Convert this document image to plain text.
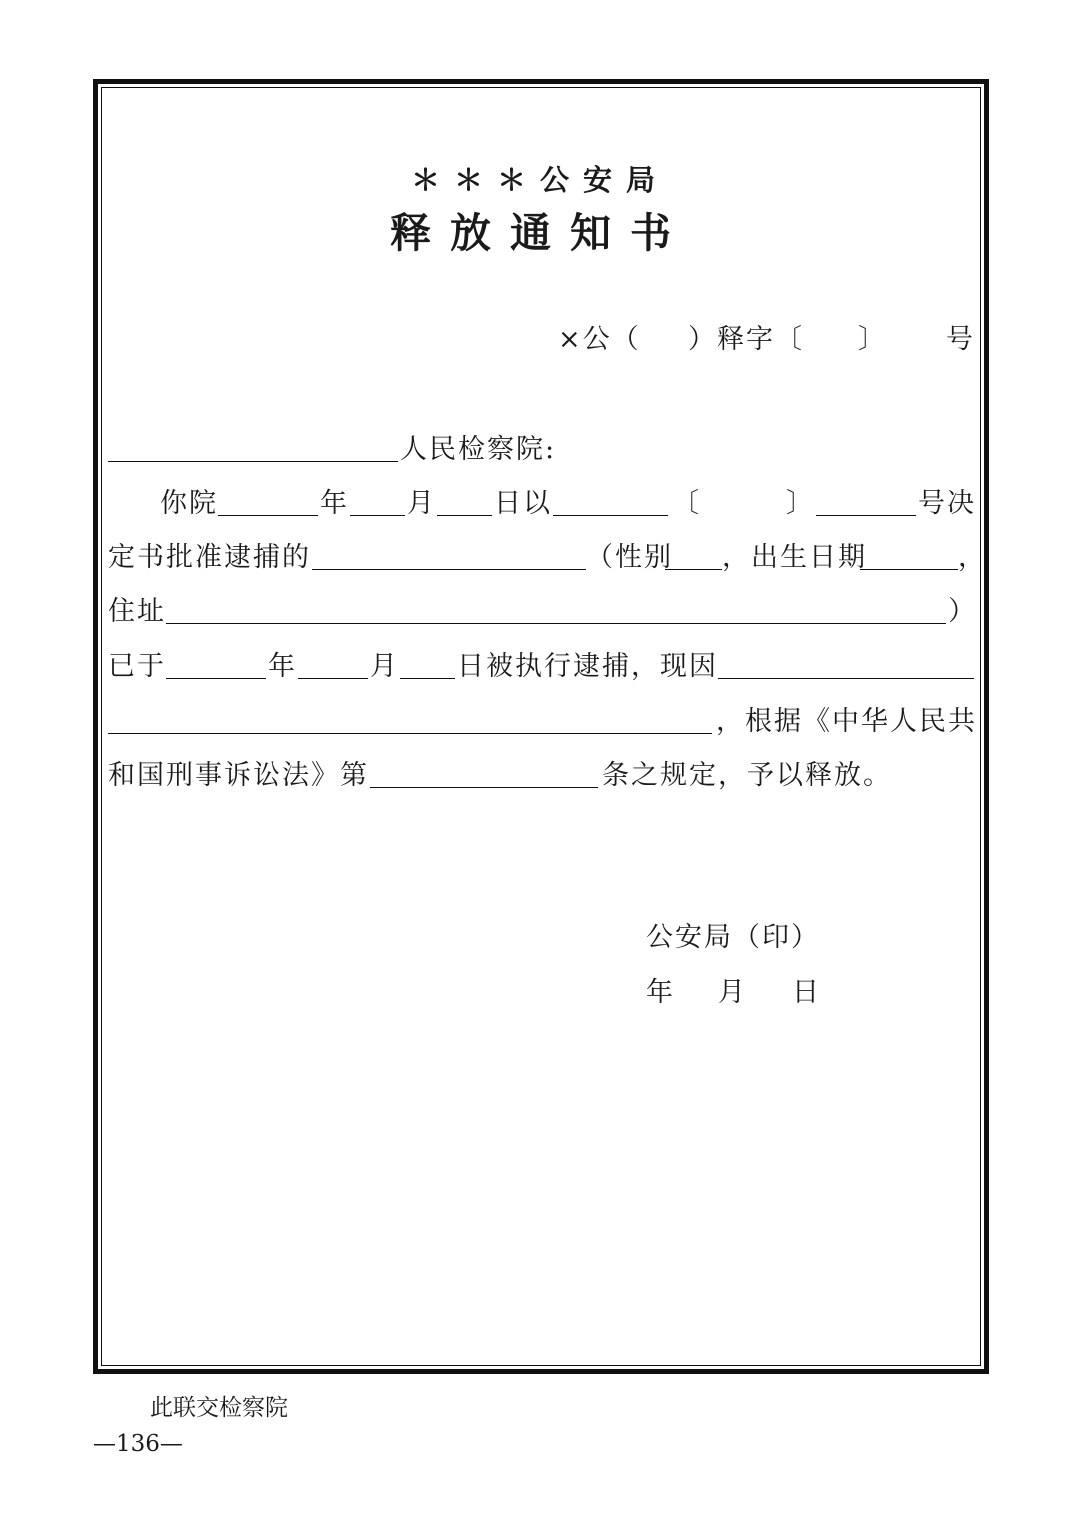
＊＊＊公安局
释放通知书
×公（ ）释字〔 〕 号
人民检察院:
你院	年 月 日以	〔	〕	号决
定书批准逮捕的	（性别 ，出生日期	，
住址	）
已于	年	月 日被执行逮捕，现因
，根据《中华人民共
和国刑事诉讼法》第	条之规定，予以释放。
公安局（印）
年 月 日
此联交检察院
—136—
